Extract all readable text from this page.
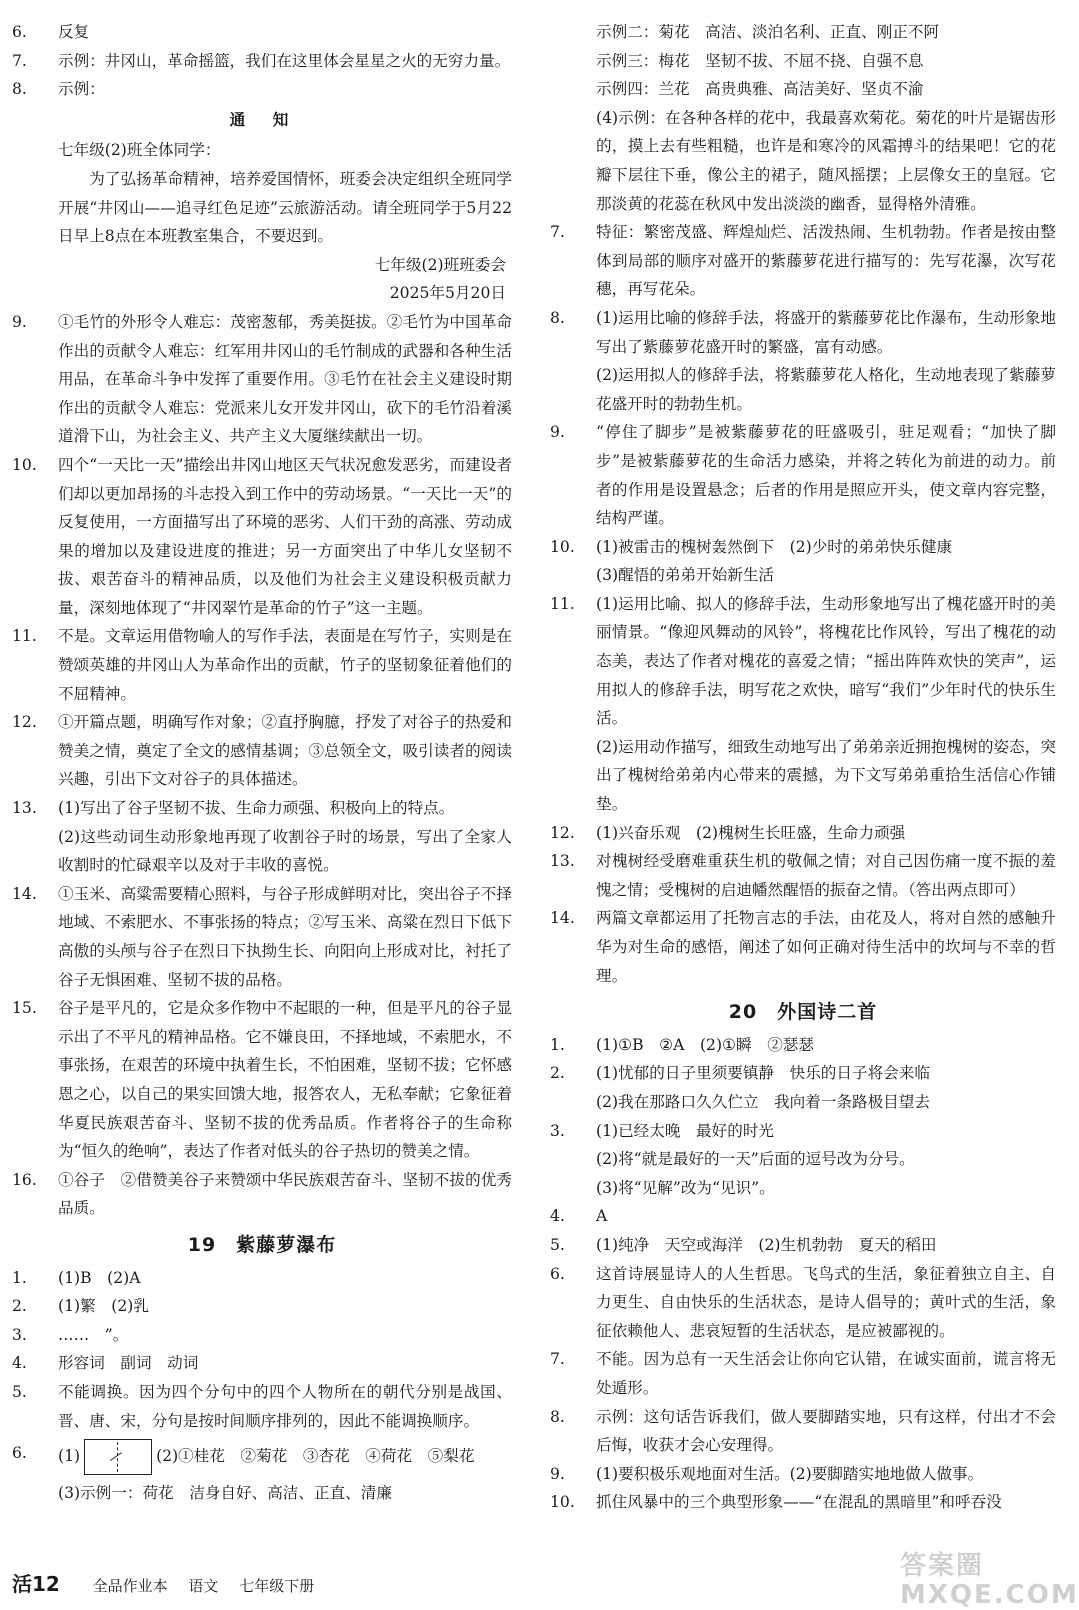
6. 反复
7. 示例：井冈山，革命摇篮，我们在这里体会星星之火的无穷力量。
8. 示例：
通　知
七年级(2)班全体同学：
为了弘扬革命精神，培养爱国情怀，班委会决定组织全班同学开展“井冈山——追寻红色足迹”云旅游活动。请全班同学于5月22日早上8点在本班教室集合，不要迟到。
七年级(2)班班委会
2025年5月20日
9. ①毛竹的外形令人难忘：茂密葱郁，秀美挺拔。②毛竹为中国革命作出的贡献令人难忘：红军用井冈山的毛竹制成的武器和各种生活用品，在革命斗争中发挥了重要作用。③毛竹在社会主义建设时期作出的贡献令人难忘：党派来儿女开发井冈山，砍下的毛竹沿着溪道滑下山，为社会主义、共产主义大厦继续献出一切。
10. 四个“一天比一天”描绘出井冈山地区天气状况愈发恶劣，而建设者们却以更加昂扬的斗志投入到工作中的劳动场景。“一天比一天”的反复使用，一方面描写出了环境的恶劣、人们干劲的高涨、劳动成果的增加以及建设进度的推进；另一方面突出了中华儿女坚韧不拔、艰苦奋斗的精神品质，以及他们为社会主义建设积极贡献力量，深刻地体现了“井冈翠竹是革命的竹子”这一主题。
11. 不是。文章运用借物喻人的写作手法，表面是在写竹子，实则是在赞颂英雄的井冈山人为革命作出的贡献，竹子的坚韧象征着他们的不屈精神。
12. ①开篇点题，明确写作对象；②直抒胸臆，抒发了对谷子的热爱和赞美之情，奠定了全文的感情基调；③总领全文，吸引读者的阅读兴趣，引出下文对谷子的具体描述。
13. (1)写出了谷子坚韧不拔、生命力顽强、积极向上的特点。
(2)这些动词生动形象地再现了收割谷子时的场景，写出了全家人收割时的忙碌艰辛以及对于丰收的喜悦。
14. ①玉米、高粱需要精心照料，与谷子形成鲜明对比，突出谷子不择地域、不索肥水、不事张扬的特点；②写玉米、高粱在烈日下低下高傲的头颅与谷子在烈日下执拗生长、向阳向上形成对比，衬托了谷子无惧困难、坚韧不拔的品格。
15. 谷子是平凡的，它是众多作物中不起眼的一种，但是平凡的谷子显示出了不平凡的精神品格。它不嫌良田，不择地域，不索肥水，不事张扬，在艰苦的环境中执着生长，不怕困难，坚韧不拔；它怀感恩之心，以自己的果实回馈大地，报答农人，无私奉献；它象征着华夏民族艰苦奋斗、坚韧不拔的优秀品质。作者将谷子的生命称为“恒久的绝响”，表达了作者对低头的谷子热切的赞美之情。
16. ①谷子　②借赞美谷子来赞颂中华民族艰苦奋斗、坚韧不拔的优秀品质。
19　紫藤萝瀑布
1. (1)B　(2)A
2. (1)繁　(2)乳
3. ……　”。
4. 形容词　副词　动词
5. 不能调换。因为四个分句中的四个人物所在的朝代分别是战国、晋、唐、宋，分句是按时间顺序排列的，因此不能调换顺序。
6. (1)	(2)①桂花　②菊花　③杏花　④荷花　⑤梨花
(3)示例一：荷花　洁身自好、高洁、正直、清廉
示例二：菊花　高洁、淡泊名利、正直、刚正不阿
示例三：梅花　坚韧不拔、不屈不挠、自强不息
示例四：兰花　高贵典雅、高洁美好、坚贞不渝
(4)示例：在各种各样的花中，我最喜欢菊花。菊花的叶片是锯齿形的，摸上去有些粗糙，也许是和寒冷的风霜搏斗的结果吧！它的花瓣下层往下垂，像公主的裙子，随风摇摆；上层像女王的皇冠。它那淡黄的花蕊在秋风中发出淡淡的幽香，显得格外清雅。
7. 特征：繁密茂盛、辉煌灿烂、活泼热闹、生机勃勃。作者是按由整体到局部的顺序对盛开的紫藤萝花进行描写的：先写花瀑，次写花穗，再写花朵。
8. (1)运用比喻的修辞手法，将盛开的紫藤萝花比作瀑布，生动形象地写出了紫藤萝花盛开时的繁盛，富有动感。
(2)运用拟人的修辞手法，将紫藤萝花人格化，生动地表现了紫藤萝花盛开时的勃勃生机。
9. “停住了脚步”是被紫藤萝花的旺盛吸引，驻足观看；“加快了脚步”是被紫藤萝花的生命活力感染，并将之转化为前进的动力。前者的作用是设置悬念；后者的作用是照应开头，使文章内容完整，结构严谨。
10. (1)被雷击的槐树轰然倒下　(2)少时的弟弟快乐健康
(3)醒悟的弟弟开始新生活
11. (1)运用比喻、拟人的修辞手法，生动形象地写出了槐花盛开时的美丽情景。“像迎风舞动的风铃”，将槐花比作风铃，写出了槐花的动态美，表达了作者对槐花的喜爱之情；“摇出阵阵欢快的笑声”，运用拟人的修辞手法，明写花之欢快，暗写“我们”少年时代的快乐生活。
(2)运用动作描写，细致生动地写出了弟弟亲近拥抱槐树的姿态，突出了槐树给弟弟内心带来的震撼，为下文写弟弟重拾生活信心作铺垫。
12. (1)兴奋乐观　(2)槐树生长旺盛，生命力顽强
13. 对槐树经受磨难重获生机的敬佩之情；对自己因伤痛一度不振的羞愧之情；受槐树的启迪幡然醒悟的振奋之情。（答出两点即可）
14. 两篇文章都运用了托物言志的手法，由花及人，将对自然的感触升华为对生命的感悟，阐述了如何正确对待生活中的坎坷与不幸的哲理。
20　外国诗二首
1. (1)①B　②A　(2)①瞬　②瑟瑟
2. (1)忧郁的日子里须要镇静　快乐的日子将会来临
(2)我在那路口久久伫立　我向着一条路极目望去
3. (1)已经太晚　最好的时光
(2)将“就是最好的一天”后面的逗号改为分号。
(3)将“见解”改为“见识”。
4. A
5. (1)纯净　天空或海洋　(2)生机勃勃　夏天的稻田
6. 这首诗展显诗人的人生哲思。飞鸟式的生活，象征着独立自主、自力更生、自由快乐的生活状态，是诗人倡导的；黄叶式的生活，象征依赖他人、悲哀短暂的生活状态，是应被鄙视的。
7. 不能。因为总有一天生活会让你向它认错，在诚实面前，谎言将无处遁形。
8. 示例：这句话告诉我们，做人要脚踏实地，只有这样，付出才不会后悔，收获才会心安理得。
9. (1)要积极乐观地面对生活。(2)要脚踏实地地做人做事。
10. 抓住风暴中的三个典型形象——“在混乱的黑暗里”和呼吞没
活12 全品作业本 语文 七年级下册
答案圈 MXQE.COM
